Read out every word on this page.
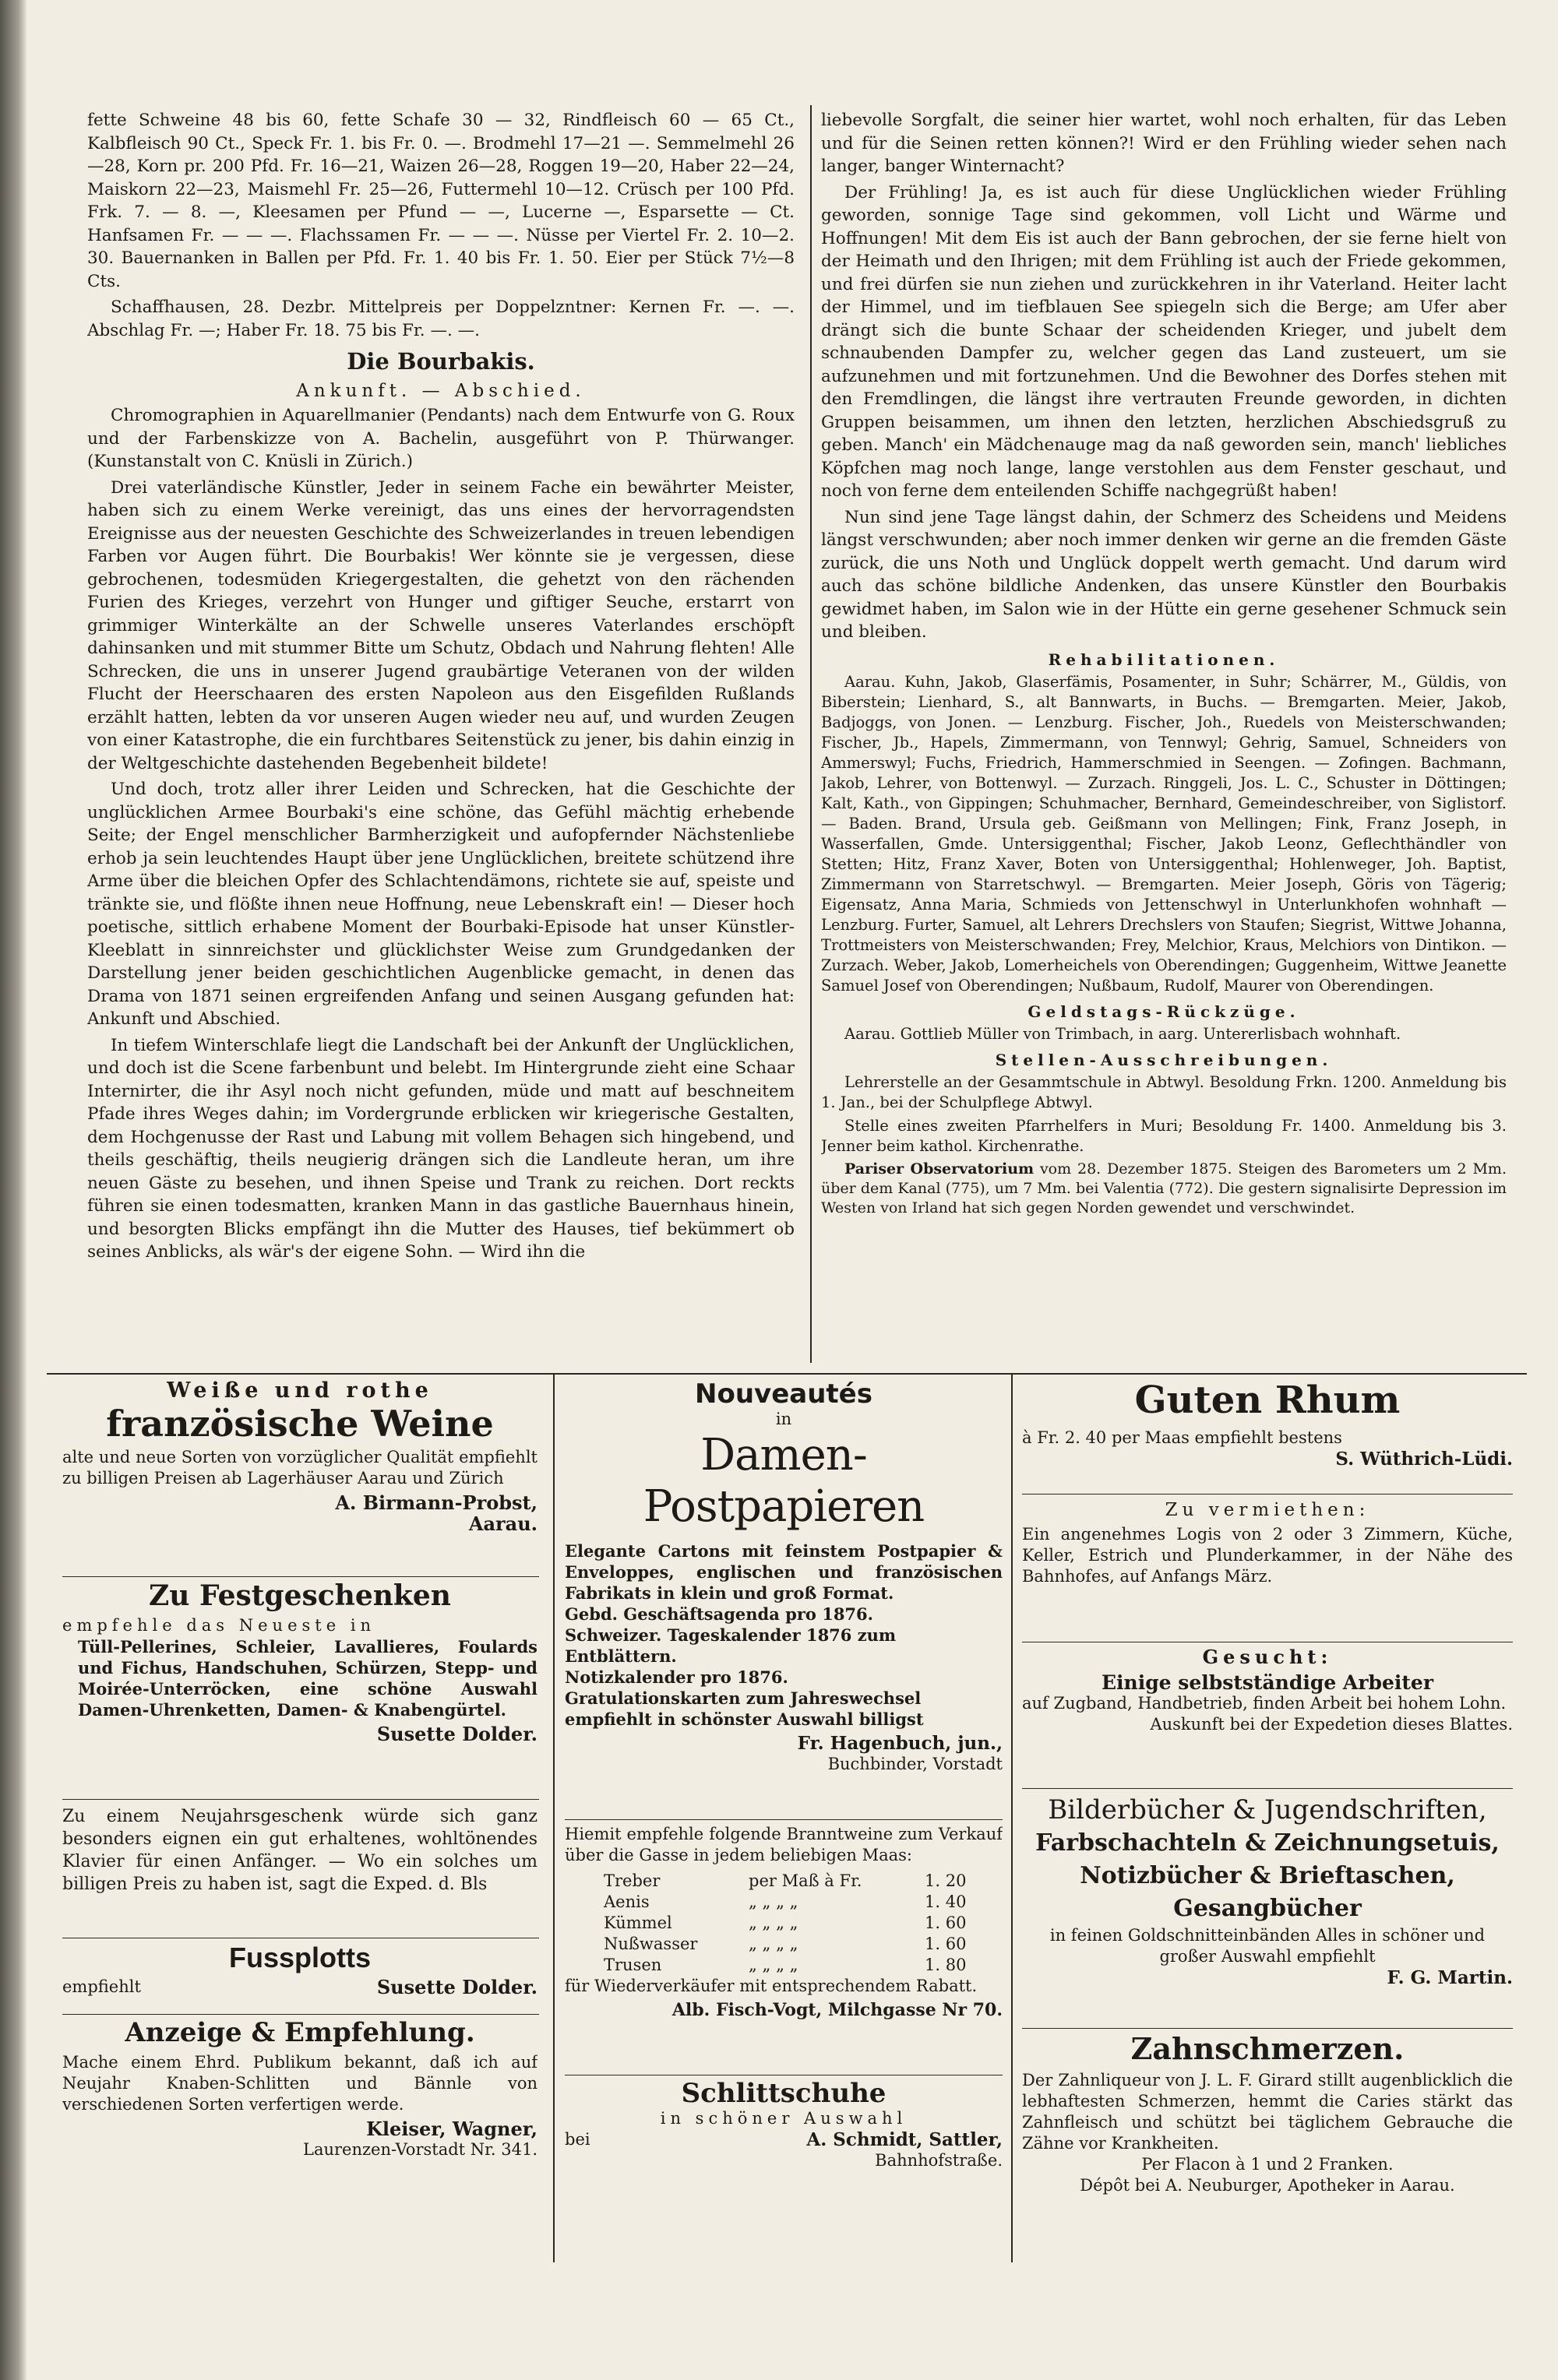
fette Schweine 48 bis 60, fette Schafe 30 — 32, Rindfleisch 60 — 65 Ct., Kalbfleisch 90 Ct., Speck Fr. 1. bis Fr. 0. —. Brodmehl 17—21 —. Semmelmehl 26—28, Korn pr. 200 Pfd. Fr. 16—21, Waizen 26—28, Roggen 19—20, Haber 22—24, Maiskorn 22—23, Maismehl Fr. 25—26, Futtermehl 10—12. Crüsch per 100 Pfd. Frk. 7. — 8. —, Kleesamen per Pfund — —, Lucerne —, Esparsette — Ct. Hanfsamen Fr. — — —. Flachssamen Fr. — — —. Nüsse per Viertel Fr. 2. 10—2. 30. Bauernanken in Ballen per Pfd. Fr. 1. 40 bis Fr. 1. 50. Eier per Stück 7½—8 Cts.

Schaffhausen, 28. Dezbr. Mittelpreis per Doppelzntner: Kernen Fr. —. —. Abschlag Fr. —; Haber Fr. 18. 75 bis Fr. —. —.

Die Bourbakis.
Ankunft. — Abschied.

Chromographien in Aquarellmanier (Pendants) nach dem Entwurfe von G. Roux und der Farbenskizze von A. Bachelin, ausgeführt von P. Thürwanger. (Kunstanstalt von C. Knüsli in Zürich.)

Drei vaterländische Künstler, Jeder in seinem Fache ein bewährter Meister, haben sich zu einem Werke vereinigt, das uns eines der hervorragendsten Ereignisse aus der neuesten Geschichte des Schweizerlandes in treuen lebendigen Farben vor Augen führt. Die Bourbakis! Wer könnte sie je vergessen, diese gebrochenen, todesmüden Kriegergestalten, die gehetzt von den rächenden Furien des Krieges, verzehrt von Hunger und giftiger Seuche, erstarrt von grimmiger Winterkälte an der Schwelle unseres Vaterlandes erschöpft dahinsanken und mit stummer Bitte um Schutz, Obdach und Nahrung flehten! Alle Schrecken, die uns in unserer Jugend graubärtige Veteranen von der wilden Flucht der Heerschaaren des ersten Napoleon aus den Eisgefilden Rußlands erzählt hatten, lebten da vor unseren Augen wieder neu auf, und wurden Zeugen von einer Katastrophe, die ein furchtbares Seitenstück zu jener, bis dahin einzig in der Weltgeschichte dastehenden Begebenheit bildete!

Und doch, trotz aller ihrer Leiden und Schrecken, hat die Geschichte der unglücklichen Armee Bourbaki's eine schöne, das Gefühl mächtig erhebende Seite; der Engel menschlicher Barmherzigkeit und aufopfernder Nächstenliebe erhob ja sein leuchtendes Haupt über jene Unglücklichen, breitete schützend ihre Arme über die bleichen Opfer des Schlachtendämons, richtete sie auf, speiste und tränkte sie, und flößte ihnen neue Hoffnung, neue Lebenskraft ein! — Dieser hoch poetische, sittlich erhabene Moment der Bourbaki-Episode hat unser Künstler-Kleeblatt in sinnreichster und glücklichster Weise zum Grundgedanken der Darstellung jener beiden geschichtlichen Augenblicke gemacht, in denen das Drama von 1871 seinen ergreifenden Anfang und seinen Ausgang gefunden hat: Ankunft und Abschied.

In tiefem Winterschlafe liegt die Landschaft bei der Ankunft der Unglücklichen, und doch ist die Scene farbenbunt und belebt. Im Hintergrunde zieht eine Schaar Internirter, die ihr Asyl noch nicht gefunden, müde und matt auf beschneitem Pfade ihres Weges dahin; im Vordergrunde erblicken wir kriegerische Gestalten, dem Hochgenusse der Rast und Labung mit vollem Behagen sich hingebend, und theils geschäftig, theils neugierig drängen sich die Landleute heran, um ihre neuen Gäste zu besehen, und ihnen Speise und Trank zu reichen. Dort reckts führen sie einen todesmatten, kranken Mann in das gastliche Bauernhaus hinein, und besorgten Blicks empfängt ihn die Mutter des Hauses, tief bekümmert ob seines Anblicks, als wär's der eigene Sohn. — Wird ihn die

liebevolle Sorgfalt, die seiner hier wartet, wohl noch erhalten, für das Leben und für die Seinen retten können?! Wird er den Frühling wieder sehen nach langer, banger Winternacht?

Der Frühling! Ja, es ist auch für diese Unglücklichen wieder Frühling geworden, sonnige Tage sind gekommen, voll Licht und Wärme und Hoffnungen! Mit dem Eis ist auch der Bann gebrochen, der sie ferne hielt von der Heimath und den Ihrigen; mit dem Frühling ist auch der Friede gekommen, und frei dürfen sie nun ziehen und zurückkehren in ihr Vaterland. Heiter lacht der Himmel, und im tiefblauen See spiegeln sich die Berge; am Ufer aber drängt sich die bunte Schaar der scheidenden Krieger, und jubelt dem schnaubenden Dampfer zu, welcher gegen das Land zusteuert, um sie aufzunehmen und mit fortzunehmen. Und die Bewohner des Dorfes stehen mit den Fremdlingen, die längst ihre vertrauten Freunde geworden, in dichten Gruppen beisammen, um ihnen den letzten, herzlichen Abschiedsgruß zu geben. Manch' ein Mädchenauge mag da naß geworden sein, manch' liebliches Köpfchen mag noch lange, lange verstohlen aus dem Fenster geschaut, und noch von ferne dem enteilenden Schiffe nachgegrüßt haben!

Nun sind jene Tage längst dahin, der Schmerz des Scheidens und Meidens längst verschwunden; aber noch immer denken wir gerne an die fremden Gäste zurück, die uns Noth und Unglück doppelt werth gemacht. Und darum wird auch das schöne bildliche Andenken, das unsere Künstler den Bourbakis gewidmet haben, im Salon wie in der Hütte ein gerne gesehener Schmuck sein und bleiben.

Rehabilitationen.

Aarau. Kuhn, Jakob, Glaserfämis, Posamenter, in Suhr; Schärrer, M., Güldis, von Biberstein; Lienhard, S., alt Bannwarts, in Buchs. — Bremgarten. Meier, Jakob, Badjoggs, von Jonen. — Lenzburg. Fischer, Joh., Ruedels von Meisterschwanden; Fischer, Jb., Hapels, Zimmermann, von Tennwyl; Gehrig, Samuel, Schneiders von Ammerswyl; Fuchs, Friedrich, Hammerschmied in Seengen. — Zofingen. Bachmann, Jakob, Lehrer, von Bottenwyl. — Zurzach. Ringgeli, Jos. L. C., Schuster in Döttingen; Kalt, Kath., von Gippingen; Schuhmacher, Bernhard, Gemeindeschreiber, von Siglistorf. — Baden. Brand, Ursula geb. Geißmann von Mellingen; Fink, Franz Joseph, in Wasserfallen, Gmde. Untersiggenthal; Fischer, Jakob Leonz, Geflechthändler von Stetten; Hitz, Franz Xaver, Boten von Untersiggenthal; Hohlenweger, Joh. Baptist, Zimmermann von Starretschwyl. — Bremgarten. Meier Joseph, Göris von Tägerig; Eigensatz, Anna Maria, Schmieds von Jettenschwyl in Unterlunkhofen wohnhaft — Lenzburg. Furter, Samuel, alt Lehrers Drechslers von Staufen; Siegrist, Wittwe Johanna, Trottmeisters von Meisterschwanden; Frey, Melchior, Kraus, Melchiors von Dintikon. — Zurzach. Weber, Jakob, Lomerheichels von Oberendingen; Guggenheim, Wittwe Jeanette Samuel Josef von Oberendingen; Nußbaum, Rudolf, Maurer von Oberendingen.

Geldstags-Rückzüge.

Aarau. Gottlieb Müller von Trimbach, in aarg. Untererlisbach wohnhaft.

Stellen-Ausschreibungen.

Lehrerstelle an der Gesammtschule in Abtwyl. Besoldung Frkn. 1200. Anmeldung bis 1. Jan., bei der Schulpflege Abtwyl.

Stelle eines zweiten Pfarrhelfers in Muri; Besoldung Fr. 1400. Anmeldung bis 3. Jenner beim kathol. Kirchenrathe.

Pariser Observatorium vom 28. Dezember 1875. Steigen des Barometers um 2 Mm. über dem Kanal (775), um 7 Mm. bei Valentia (772). Die gestern signalisirte Depression im Westen von Irland hat sich gegen Norden gewendet und verschwindet.

Weiße und rothe
französische Weine
alte und neue Sorten von vorzüglicher Qualität empfiehlt zu billigen Preisen ab Lagerhäuser Aarau und Zürich
A. Birmann-Probst,
Aarau.
Zu Festgeschenken
empfehle das Neueste in
Tüll-Pellerines, Schleier, Lavallieres, Foulards und Fichus, Handschuhen, Schürzen, Stepp- und Moirée-Unterröcken, eine schöne Auswahl Damen-Uhrenketten, Damen- & Knabengürtel.
Susette Dolder.
Zu einem Neujahrsgeschenk würde sich ganz besonders eignen ein gut erhaltenes, wohltönendes Klavier für einen Anfänger. — Wo ein solches um billigen Preis zu haben ist, sagt die Exped. d. Bls
Fussplotts
empfiehlt	Susette Dolder.
Anzeige & Empfehlung.
Mache einem Ehrd. Publikum bekannt, daß ich auf Neujahr Knaben-Schlitten und Bännle von verschiedenen Sorten verfertigen werde.
Kleiser, Wagner,
Laurenzen-Vorstadt Nr. 341.
Nouveautés
in
Damen-Postpapieren
Elegante Cartons mit feinstem Postpapier & Enveloppes, englischen und französischen Fabrikats in klein und groß Format.
Gebd. Geschäftsagenda pro 1876.
Schweizer. Tageskalender 1876 zum Entblättern.
Notizkalender pro 1876.
Gratulationskarten zum Jahreswechsel empfiehlt in schönster Auswahl billigst
Fr. Hagenbuch, jun.,
Buchbinder, Vorstadt
Hiemit empfehle folgende Branntweine zum Verkauf über die Gasse in jedem beliebigen Maas:
Treber	per Maß à Fr.	1. 20
Aenis	„ „ „ „	1. 40
Kümmel	„ „ „ „	1. 60
Nußwasser	„ „ „ „	1. 60
Trusen	„ „ „ „	1. 80
für Wiederverkäufer mit entsprechendem Rabatt.
Alb. Fisch-Vogt, Milchgasse Nr 70.
Schlittschuhe
in schöner Auswahl
bei	A. Schmidt, Sattler,
Bahnhofstraße.
Guten Rhum
à Fr. 2. 40 per Maas empfiehlt bestens
S. Wüthrich-Lüdi.
Zu vermiethen:
Ein angenehmes Logis von 2 oder 3 Zimmern, Küche, Keller, Estrich und Plunderkammer, in der Nähe des Bahnhofes, auf Anfangs März.
Gesucht:
Einige selbstständige Arbeiter
auf Zugband, Handbetrieb, finden Arbeit bei hohem Lohn.
Auskunft bei der Expedetion dieses Blattes.
Bilderbücher & Jugendschriften,
Farbschachteln & Zeichnungsetuis,
Notizbücher & Brieftaschen,
Gesangbücher
in feinen Goldschnitteinbänden Alles in schöner und großer Auswahl empfiehlt
F. G. Martin.
Zahnschmerzen.
Der Zahnliqueur von J. L. F. Girard stillt augenblicklich die lebhaftesten Schmerzen, hemmt die Caries stärkt das Zahnfleisch und schützt bei täglichem Gebrauche die Zähne vor Krankheiten.
Per Flacon à 1 und 2 Franken.
Dépôt bei A. Neuburger, Apotheker in Aarau.
